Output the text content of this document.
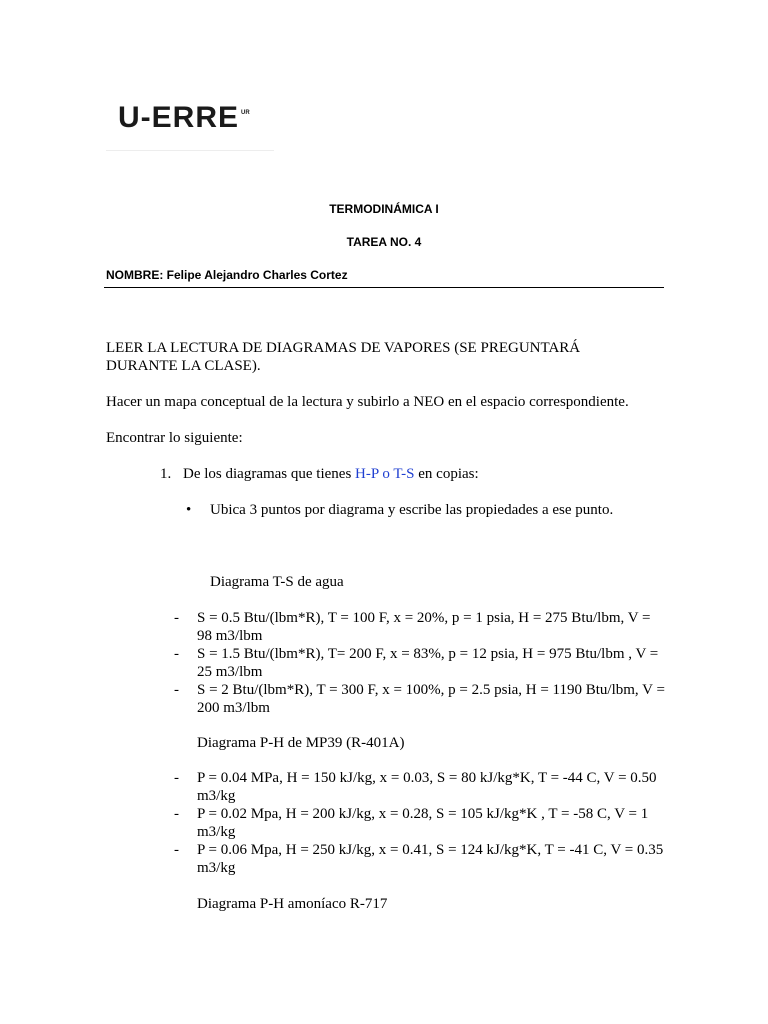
U-ERRE UR
TERMODINÁMICA I
TAREA NO. 4
NOMBRE: Felipe Alejandro Charles Cortez

LEER LA LECTURA DE DIAGRAMAS DE VAPORES (SE PREGUNTARÁ DURANTE LA CLASE).

Hacer un mapa conceptual de la lectura y subirlo a NEO en el espacio correspondiente.

Encontrar lo siguiente:

1. De los diagramas que tienes H-P o T-S en copias:

• Ubica 3 puntos por diagrama y escribe las propiedades a ese punto.

Diagrama T-S de agua

- S = 0.5 Btu/(lbm*R), T = 100 F, x = 20%, p = 1 psia, H = 275 Btu/lbm, V = 98 m3/lbm

- S = 1.5 Btu/(lbm*R), T= 200 F, x = 83%, p = 12 psia, H = 975 Btu/lbm , V = 25 m3/lbm

- S = 2 Btu/(lbm*R), T = 300 F, x = 100%, p = 2.5 psia, H = 1190 Btu/lbm, V = 200 m3/lbm

Diagrama P-H de MP39 (R-401A)

- P = 0.04 MPa, H = 150 kJ/kg, x = 0.03, S = 80 kJ/kg*K, T = -44 C, V = 0.50 m3/kg

- P = 0.02 Mpa, H = 200 kJ/kg, x = 0.28, S = 105 kJ/kg*K , T = -58 C, V = 1 m3/kg

- P = 0.06 Mpa, H = 250 kJ/kg, x = 0.41, S = 124 kJ/kg*K, T = -41 C, V = 0.35 m3/kg

Diagrama P-H amoníaco R-717
